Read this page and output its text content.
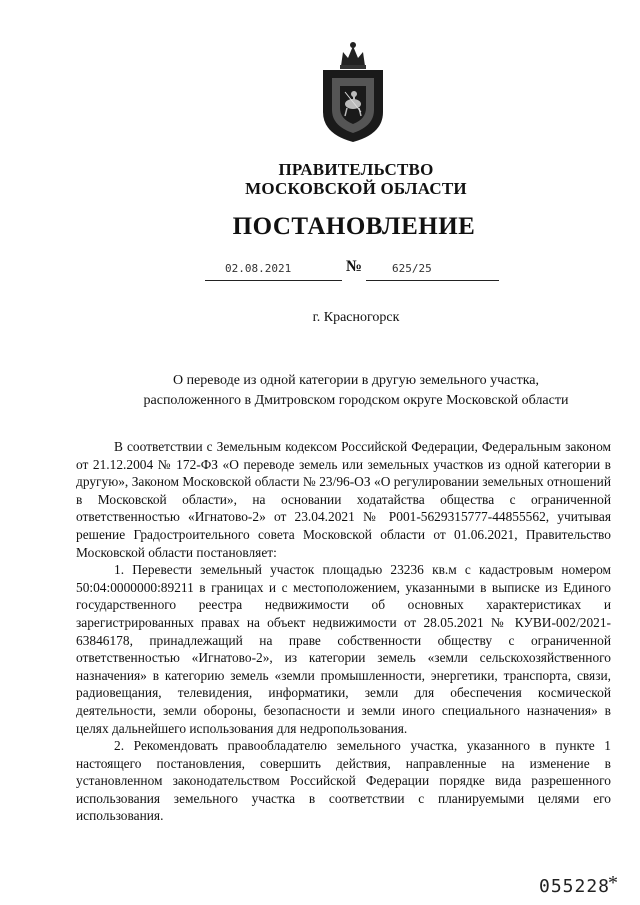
ПРАВИТЕЛЬСТВО
МОСКОВСКОЙ ОБЛАСТИ
ПОСТАНОВЛЕНИЕ
02.08.2021	№	625/25
г. Красногорск
О переводе из одной категории в другую земельного участка,
расположенного в Дмитровском городском округе Московской области

В соответствии с Земельным кодексом Российской Федерации, Федеральным законом от 21.12.2004 № 172-ФЗ «О переводе земель или земельных участков из одной категории в другую», Законом Московской области № 23/96-ОЗ «О регулировании земельных отношений в Московской области», на основании ходатайства общества с ограниченной ответственностью «Игнатово-2» от 23.04.2021 № Р001-5629315777-44855562, учитывая решение Градостроительного совета Московской области от 01.06.2021, Правительство Московской области постановляет:

1. Перевести земельный участок площадью 23236 кв.м с кадастровым номером 50:04:0000000:89211 в границах и с местоположением, указанными в выписке из Единого государственного реестра недвижимости об основных характеристиках и зарегистрированных правах на объект недвижимости от 28.05.2021 № КУВИ-002/2021-63846178, принадлежащий на праве собственности обществу с ограниченной ответственностью «Игнатово-2», из категории земель «земли сельскохозяйственного назначения» в категорию земель «земли промышленности, энергетики, транспорта, связи, радиовещания, телевидения, информатики, земли для обеспечения космической деятельности, земли обороны, безопасности и земли иного специального назначения» в целях дальнейшего использования для недропользования.

2. Рекомендовать правообладателю земельного участка, указанного в пункте 1 настоящего постановления, совершить действия, направленные на изменение в установленном законодательством Российской Федерации порядке вида разрешенного использования земельного участка в соответствии с планируемыми целями его использования.

055228
*
